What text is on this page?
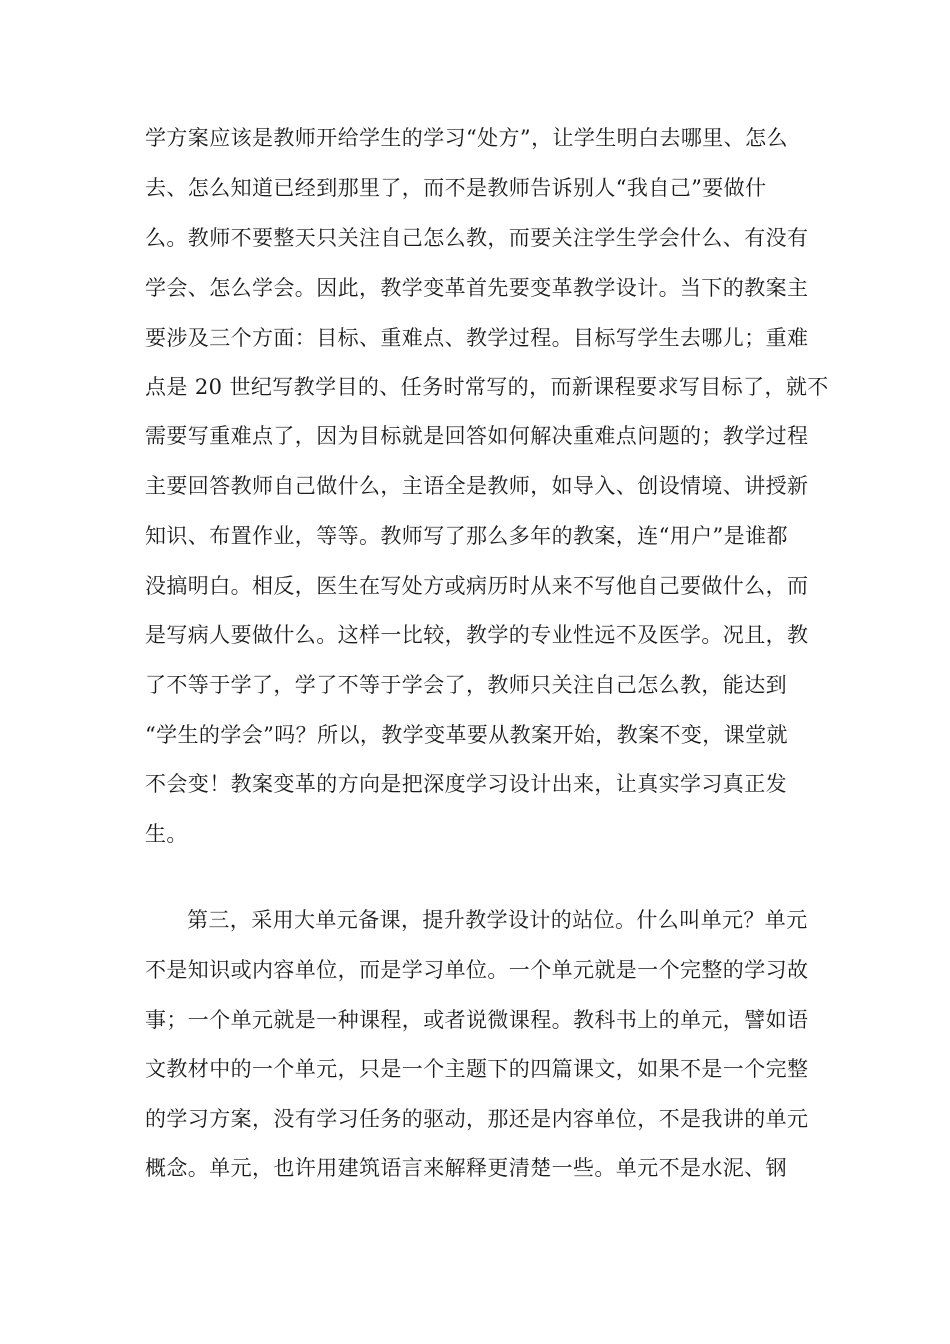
学方案应该是教师开给学生的学习“处方”，让学生明白去哪里、怎么
去、怎么知道已经到那里了，而不是教师告诉别人“我自己”要做什
么。教师不要整天只关注自己怎么教，而要关注学生学会什么、有没有
学会、怎么学会。因此，教学变革首先要变革教学设计。当下的教案主
要涉及三个方面：目标、重难点、教学过程。目标写学生去哪儿；重难
点是 20 世纪写教学目的、任务时常写的，而新课程要求写目标了，就不
需要写重难点了，因为目标就是回答如何解决重难点问题的；教学过程
主要回答教师自己做什么，主语全是教师，如导入、创设情境、讲授新
知识、布置作业，等等。教师写了那么多年的教案，连“用户”是谁都
没搞明白。相反，医生在写处方或病历时从来不写他自己要做什么，而
是写病人要做什么。这样一比较，教学的专业性远不及医学。况且，教
了不等于学了，学了不等于学会了，教师只关注自己怎么教，能达到
“学生的学会”吗？所以，教学变革要从教案开始，教案不变，课堂就
不会变！教案变革的方向是把深度学习设计出来，让真实学习真正发
生。
第三，采用大单元备课，提升教学设计的站位。什么叫单元？单元
不是知识或内容单位，而是学习单位。一个单元就是一个完整的学习故
事；一个单元就是一种课程，或者说微课程。教科书上的单元，譬如语
文教材中的一个单元，只是一个主题下的四篇课文，如果不是一个完整
的学习方案，没有学习任务的驱动，那还是内容单位，不是我讲的单元
概念。单元，也许用建筑语言来解释更清楚一些。单元不是水泥、钢
